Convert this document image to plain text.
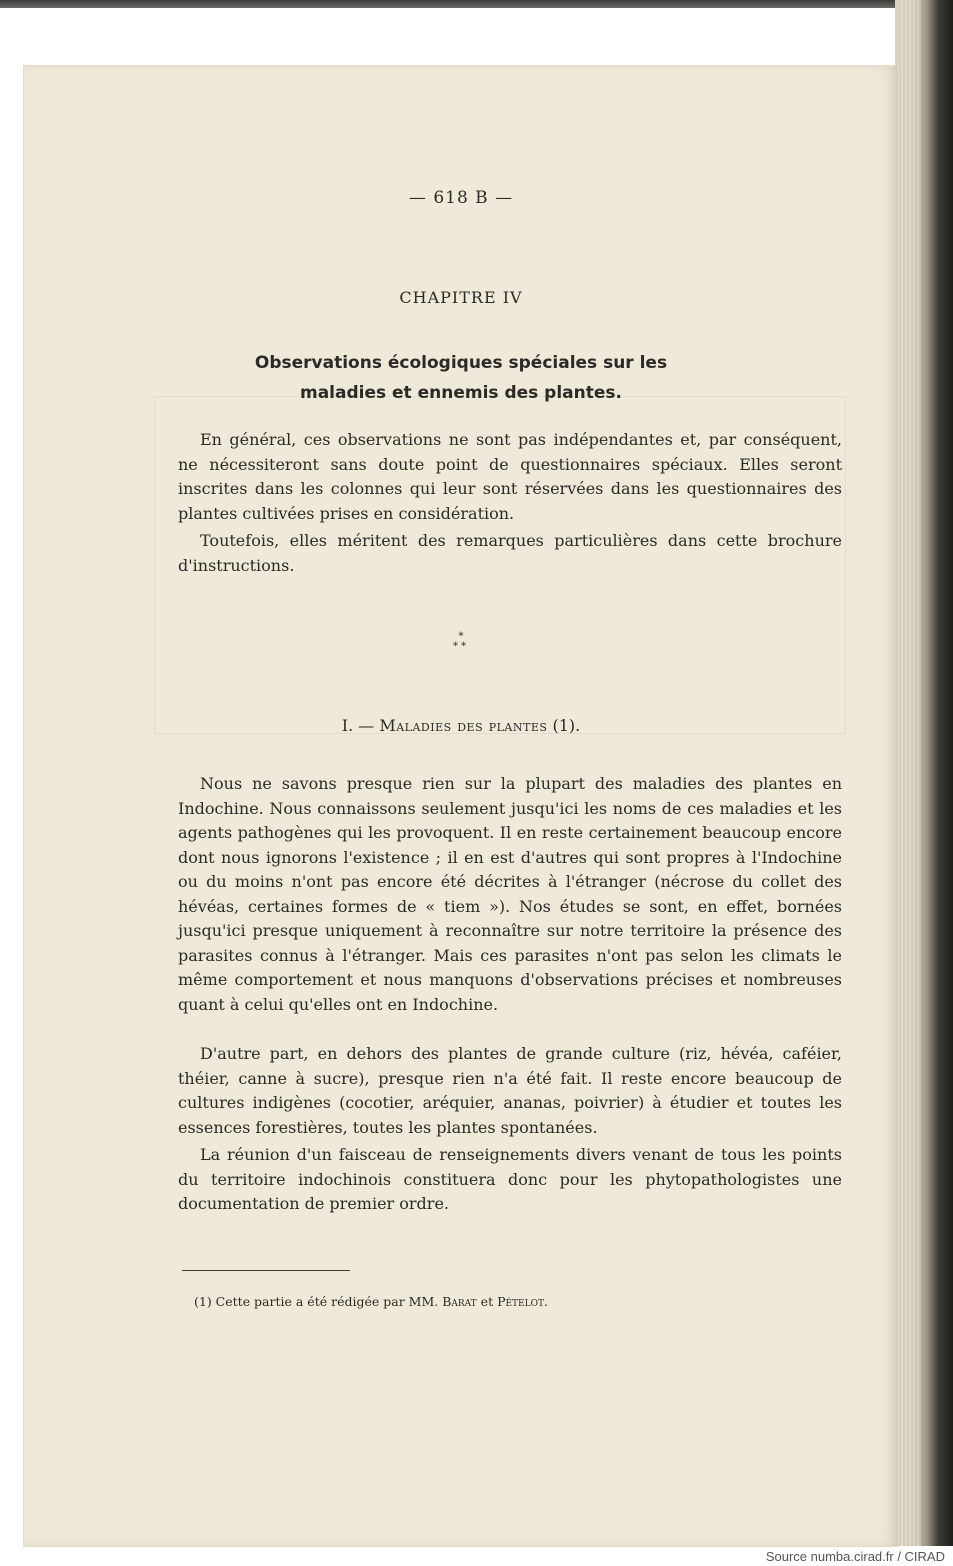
— 618 B —
CHAPITRE IV
Observations écologiques spéciales sur les
maladies et ennemis des plantes.

En général, ces observations ne sont pas indépendantes et, par conséquent, ne nécessiteront sans doute point de questionnaires spéciaux. Elles seront inscrites dans les colonnes qui leur sont réservées dans les questionnaires des plantes cultivées prises en considération.

Toutefois, elles méritent des remarques particulières dans cette brochure d'instructions.

*
**
I. — Maladies des plantes (1).

Nous ne savons presque rien sur la plupart des maladies des plantes en Indochine. Nous connaissons seulement jusqu'ici les noms de ces maladies et les agents pathogènes qui les provoquent. Il en reste certainement beaucoup encore dont nous ignorons l'existence ; il en est d'autres qui sont propres à l'Indochine ou du moins n'ont pas encore été décrites à l'étranger (nécrose du collet des hévéas, certaines formes de « tiem »). Nos études se sont, en effet, bornées jusqu'ici presque uniquement à reconnaître sur notre territoire la présence des parasites connus à l'étranger. Mais ces parasites n'ont pas selon les climats le même comportement et nous manquons d'observations précises et nombreuses quant à celui qu'elles ont en Indochine.

D'autre part, en dehors des plantes de grande culture (riz, hévéa, caféier, théier, canne à sucre), presque rien n'a été fait. Il reste encore beaucoup de cultures indigènes (cocotier, aréquier, ananas, poivrier) à étudier et toutes les essences forestières, toutes les plantes spontanées.

La réunion d'un faisceau de renseignements divers venant de tous les points du territoire indochinois constituera donc pour les phytopathologistes une documentation de premier ordre.

(1) Cette partie a été rédigée par MM. Barat et Pételot.
Source numba.cirad.fr / CIRAD
